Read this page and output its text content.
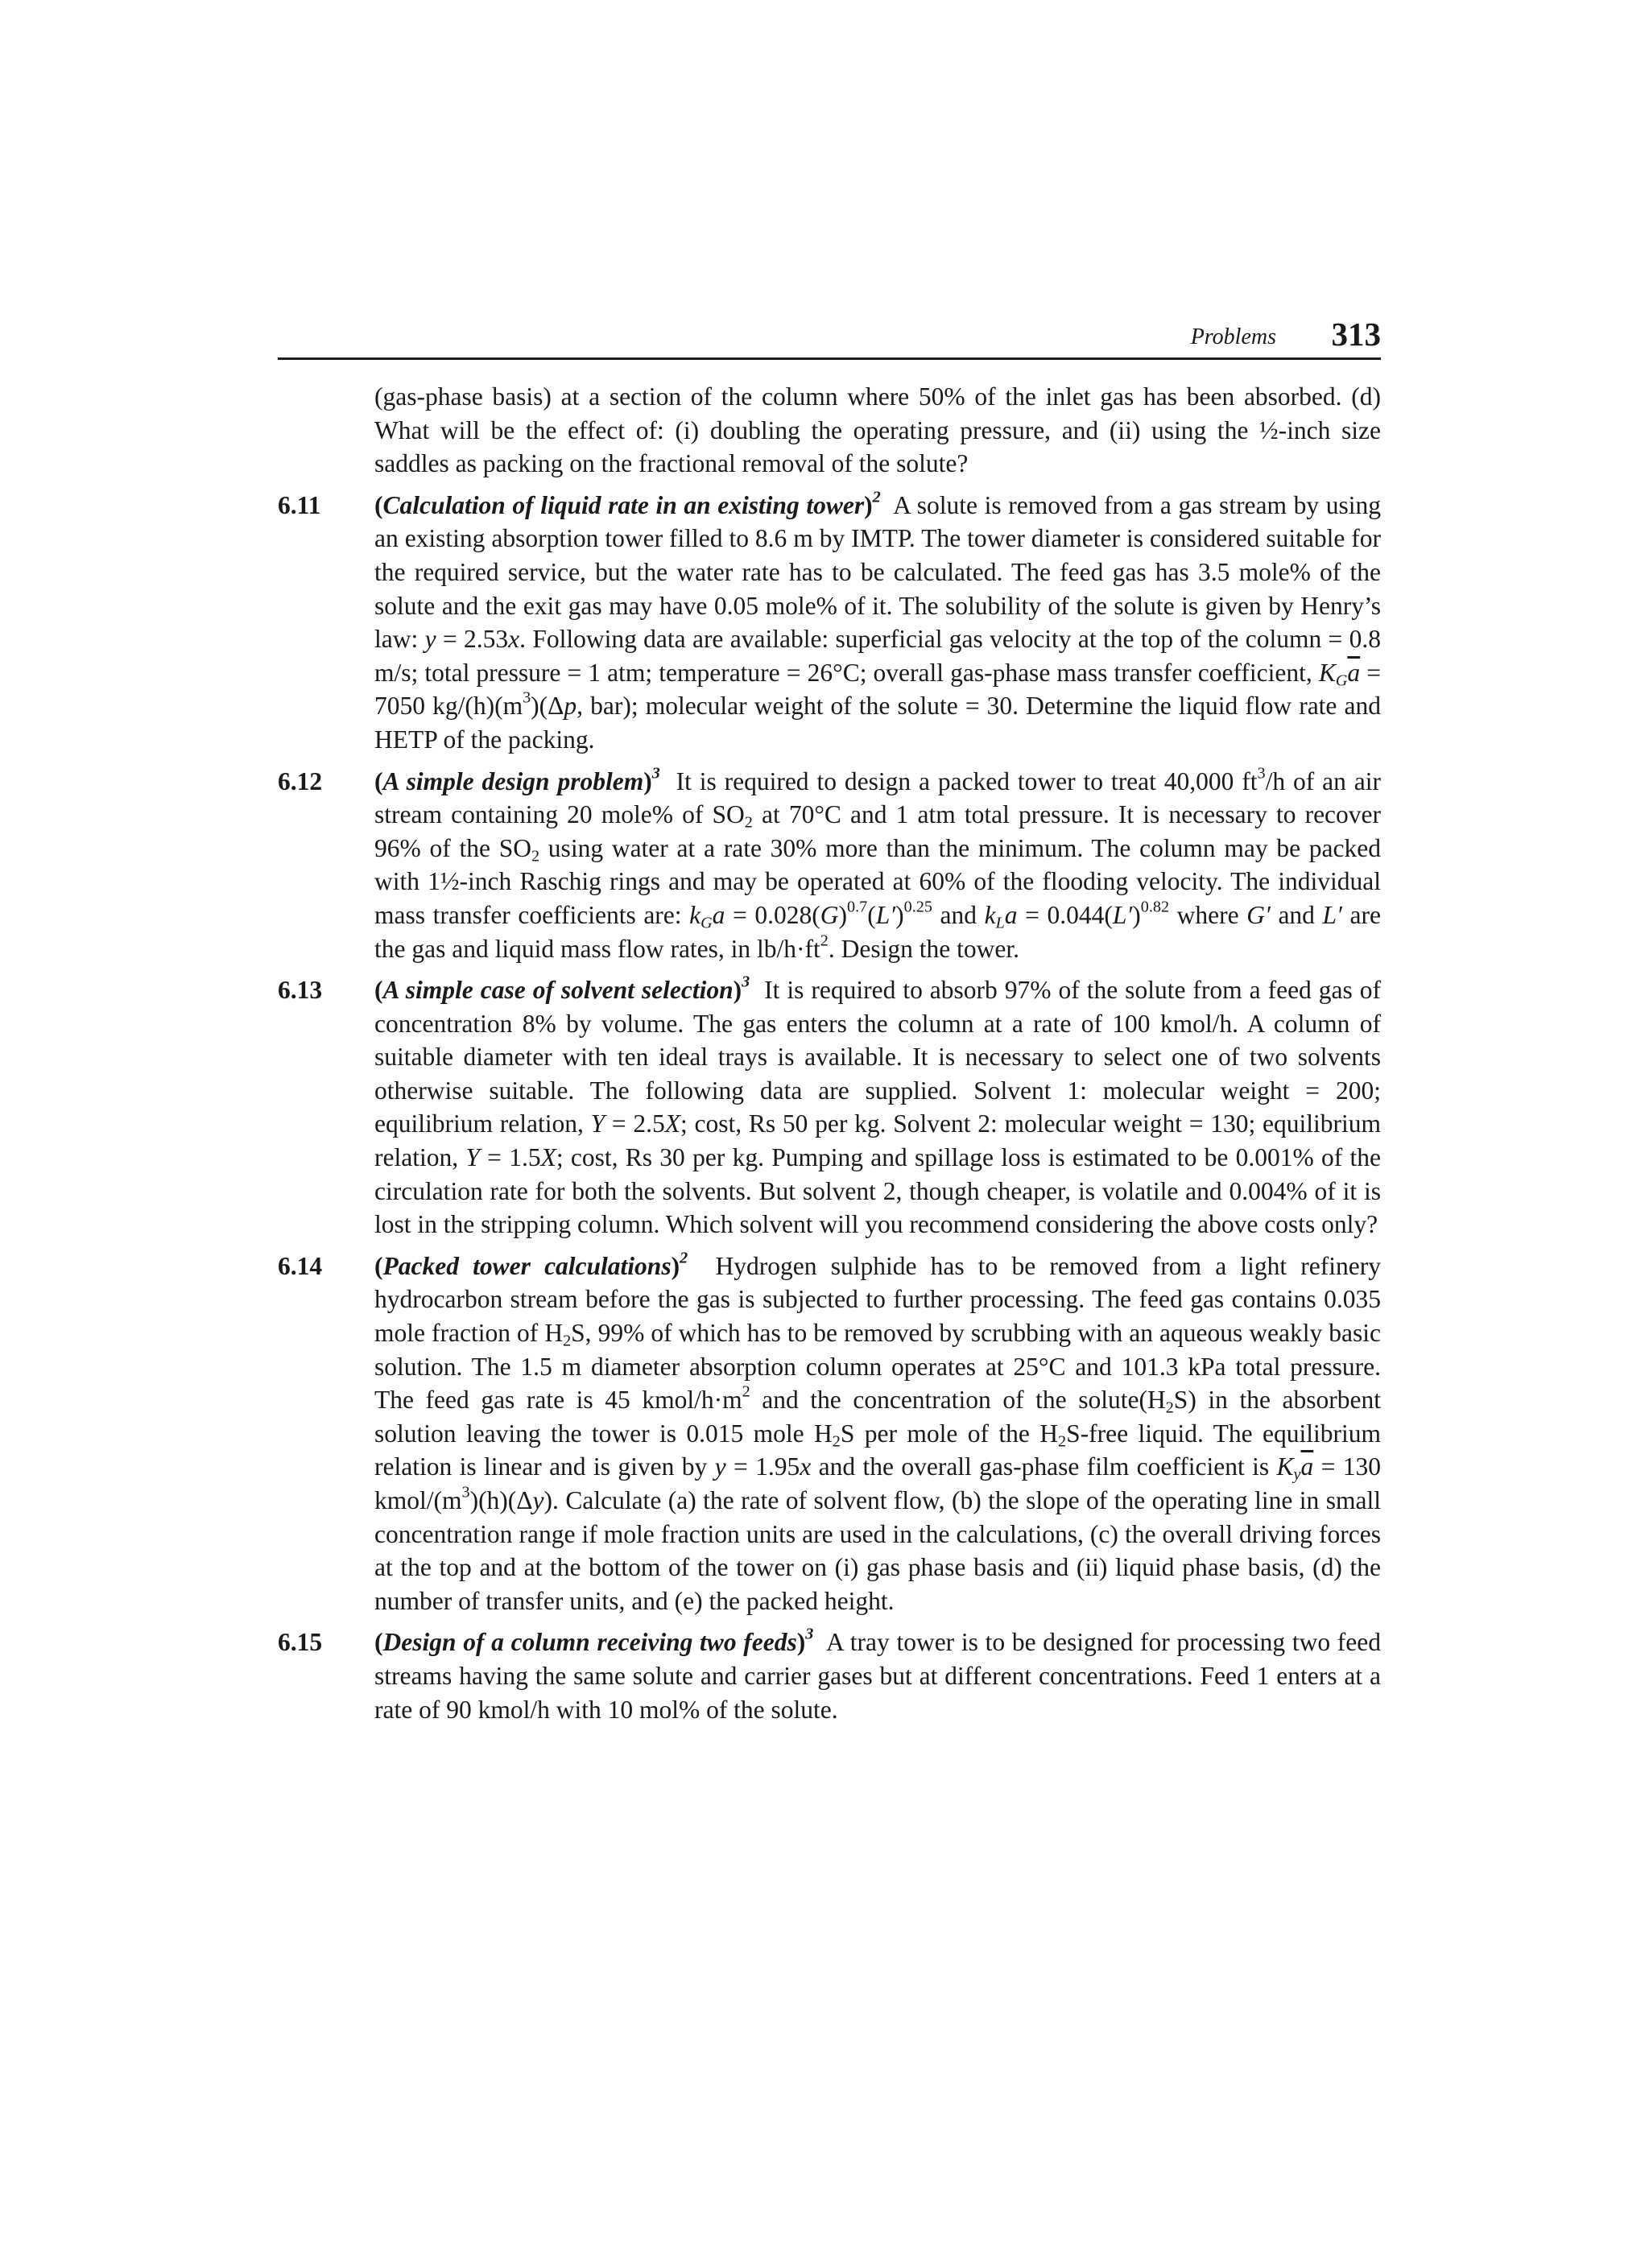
Problems 313

(gas-phase basis) at a section of the column where 50% of the inlet gas has been absorbed. (d) What will be the effect of: (i) doubling the operating pressure, and (ii) using the ½-inch size saddles as packing on the fractional removal of the solute?

6.11 (Calculation of liquid rate in an existing tower)$^2$ A solute is removed from a gas stream by using an existing absorption tower filled to 8.6 m by IMTP. The tower diameter is considered suitable for the required service, but the water rate has to be calculated. The feed gas has 3.5 mole% of the solute and the exit gas may have 0.05 mole% of it. The solubility of the solute is given by Henry’s law: y = 2.53x. Following data are available: superficial gas velocity at the top of the column = 0.8 m/s; total pressure = 1 atm; temperature = 26°C; overall gas-phase mass transfer coefficient, $K_G\overline{a} = 7050$ $kg/(h)(m^3)(\Delta p$, bar); molecular weight of the solute = 30. Determine the liquid flow rate and HETP of the packing.
6.12 (A simple design problem)$^3$ It is required to design a packed tower to treat 40,000 $ft^3/h$ of an air stream containing 20 mole% of $SO_2$ at 70°C and 1 atm total pressure. It is necessary to recover 96% of the $SO_2$ using water at a rate 30% more than the minimum. The column may be packed with 1½-inch Raschig rings and may be operated at 60% of the flooding velocity. The individual mass transfer coefficients are: $k_Ga = 0.028(G)^{0.7}(L')^{0.25}$ and $k_La = 0.044(L')^{0.82}$ where G′ and L′ are the gas and liquid mass flow rates, in $lb/h\cdot ft^2$. Design the tower.
6.13 (A simple case of solvent selection)$^3$ It is required to absorb 97% of the solute from a feed gas of concentration 8% by volume. The gas enters the column at a rate of 100 kmol/h. A column of suitable diameter with ten ideal trays is available. It is necessary to select one of two solvents otherwise suitable. The following data are supplied. Solvent 1: molecular weight = 200; equilibrium relation, Y = 2.5X; cost, Rs 50 per kg. Solvent 2: molecular weight = 130; equilibrium relation, Y = 1.5X; cost, Rs 30 per kg. Pumping and spillage loss is estimated to be 0.001% of the circulation rate for both the solvents. But solvent 2, though cheaper, is volatile and 0.004% of it is lost in the stripping column. Which solvent will you recommend considering the above costs only?
6.14 (Packed tower calculations)$^2$ Hydrogen sulphide has to be removed from a light refinery hydrocarbon stream before the gas is subjected to further processing. The feed gas contains 0.035 mole fraction of $H_2S$, 99% of which has to be removed by scrubbing with an aqueous weakly basic solution. The 1.5 m diameter absorption column operates at 25°C and 101.3 kPa total pressure. The feed gas rate is 45 kmol/$h\cdot m^2$ and the concentration of the $solute(H_2S)$ in the absorbent solution leaving the tower is 0.015 mole $H_2S$ per mole of the $H_2S$-free liquid. The equilibrium relation is linear and is given by y = 1.95x and the overall gas-phase film coefficient is $K_y\overline{a} = 130$ kmol/$(m^3)(h)(\Delta y)$. Calculate (a) the rate of solvent flow, (b) the slope of the operating line in small concentration range if mole fraction units are used in the calculations, (c) the overall driving forces at the top and at the bottom of the tower on (i) gas phase basis and (ii) liquid phase basis, (d) the number of transfer units, and (e) the packed height.
6.15 (Design of a column receiving two feeds)$^3$ A tray tower is to be designed for processing two feed streams having the same solute and carrier gases but at different concentrations. Feed 1 enters at a rate of 90 kmol/h with 10 mol% of the solute.
